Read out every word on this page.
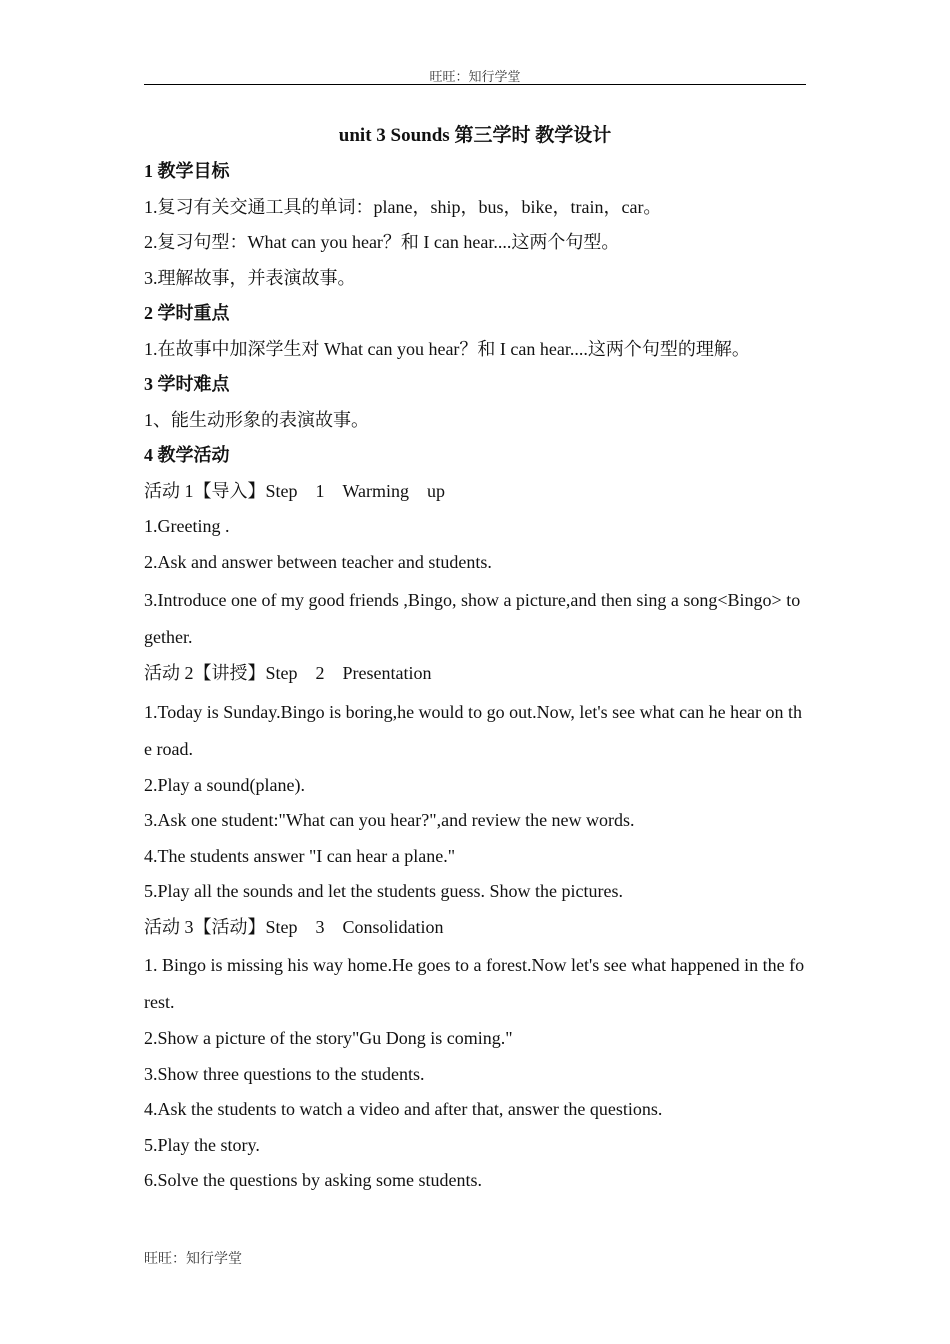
旺旺：知行学堂
unit 3 Sounds 第三学时 教学设计
1 教学目标
1.复习有关交通工具的单词：plane，ship，bus，bike，train，car。
2.复习句型：What can you hear？和 I can hear....这两个句型。
3.理解故事，并表演故事。
2 学时重点
1.在故事中加深学生对 What can you hear？和 I can hear....这两个句型的理解。
3 学时难点
1、能生动形象的表演故事。
4 教学活动
活动 1【导入】Step　1　Warming　up
1.Greeting .
2.Ask and answer between teacher and students.
3.Introduce one of my good friends ,Bingo, show a picture,and then sing a song<Bingo> together.
活动 2【讲授】Step　2　Presentation
1.Today is Sunday.Bingo is boring,he would to go out.Now, let's see what can he hear on the road.
2.Play a sound(plane).
3.Ask one student:"What can you hear?",and review the new words.
4.The students answer "I can hear a plane."
5.Play all the sounds and let the students guess. Show the pictures.
活动 3【活动】Step　3　Consolidation
1. Bingo is missing his way home.He goes to a forest.Now let's see what happened in the forest.
2.Show a picture of the story"Gu Dong is coming."
3.Show three questions to the students.
4.Ask the students to watch a video and after that, answer the questions.
5.Play the story.
6.Solve the questions by asking some students.
旺旺：知行学堂
